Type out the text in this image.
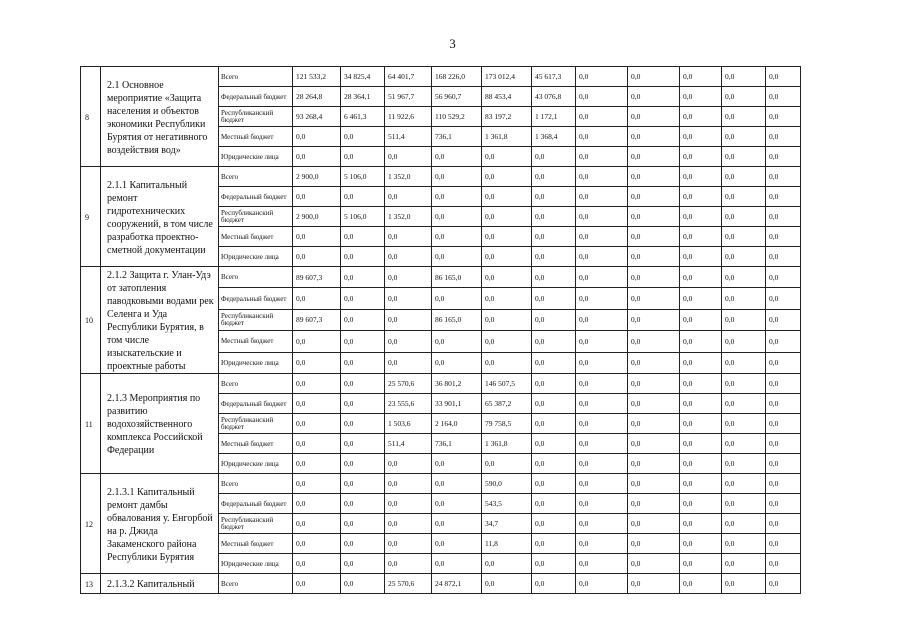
3
8	2.1 Основное мероприятие «Защита населения и объектов экономики Республики Бурятия от негативного воздействия вод»	Всего	121 533,2	34 825,4	64 401,7	168 226,0	173 012,4	45 617,3	0,0	0,0	0,0	0,0	0,0
		Федеральный бюджет	28 264,8	28 364,1	51 967,7	56 960,7	88 453,4	43 076,8	0,0	0,0	0,0	0,0	0,0
		Республиканский бюджет	93 268,4	6 461,3	11 922,6	110 529,2	83 197,2	1 172,1	0,0	0,0	0,0	0,0	0,0
		Местный бюджет	0,0	0,0	511,4	736,1	1 361,8	1 368,4	0,0	0,0	0,0	0,0	0,0
		Юридические лица	0,0	0,0	0,0	0,0	0,0	0,0	0,0	0,0	0,0	0,0	0,0
9	2.1.1 Капитальный ремонт гидротехнических сооружений, в том числе разработка проектно-сметной документации	Всего	2 900,0	5 106,0	1 352,0	0,0	0,0	0,0	0,0	0,0	0,0	0,0	0,0
		Федеральный бюджет	0,0	0,0	0,0	0,0	0,0	0,0	0,0	0,0	0,0	0,0	0,0
		Республиканский бюджет	2 900,0	5 106,0	1 352,0	0,0	0,0	0,0	0,0	0,0	0,0	0,0	0,0
		Местный бюджет	0,0	0,0	0,0	0,0	0,0	0,0	0,0	0,0	0,0	0,0	0,0
		Юридические лица	0,0	0,0	0,0	0,0	0,0	0,0	0,0	0,0	0,0	0,0	0,0
10	2.1.2 Защита г. Улан-Удэ от затопления паводковыми водами рек Селенга и Уда Республики Бурятия, в том числе изыскательские и проектные работы	Всего	89 607,3	0,0	0,0	86 165,0	0,0	0,0	0,0	0,0	0,0	0,0	0,0
		Федеральный бюджет	0,0	0,0	0,0	0,0	0,0	0,0	0,0	0,0	0,0	0,0	0,0
		Республиканский бюджет	89 607,3	0,0	0,0	86 165,0	0,0	0,0	0,0	0,0	0,0	0,0	0,0
		Местный бюджет	0,0	0,0	0,0	0,0	0,0	0,0	0,0	0,0	0,0	0,0	0,0
		Юридические лица	0,0	0,0	0,0	0,0	0,0	0,0	0,0	0,0	0,0	0,0	0,0
11	2.1.3 Мероприятия по развитию водохозяйственного комплекса Российской Федерации	Всего	0,0	0,0	25 570,6	36 801,2	146 507,5	0,0	0,0	0,0	0,0	0,0	0,0
		Федеральный бюджет	0,0	0,0	23 555,6	33 901,1	65 387,2	0,0	0,0	0,0	0,0	0,0	0,0
		Республиканский бюджет	0,0	0,0	1 503,6	2 164,0	79 758,5	0,0	0,0	0,0	0,0	0,0	0,0
		Местный бюджет	0,0	0,0	511,4	736,1	1 361,8	0,0	0,0	0,0	0,0	0,0	0,0
		Юридические лица	0,0	0,0	0,0	0,0	0,0	0,0	0,0	0,0	0,0	0,0	0,0
12	2.1.3.1 Капитальный ремонт дамбы обвалования у. Енгорбой на р. Джида Закаменского района Республики Бурятия	Всего	0,0	0,0	0,0	0,0	590,0	0,0	0,0	0,0	0,0	0,0	0,0
		Федеральный бюджет	0,0	0,0	0,0	0,0	543,5	0,0	0,0	0,0	0,0	0,0	0,0
		Республиканский бюджет	0,0	0,0	0,0	0,0	34,7	0,0	0,0	0,0	0,0	0,0	0,0
		Местный бюджет	0,0	0,0	0,0	0,0	11,8	0,0	0,0	0,0	0,0	0,0	0,0
		Юридические лица	0,0	0,0	0,0	0,0	0,0	0,0	0,0	0,0	0,0	0,0	0,0
13	2.1.3.2 Капитальный	Всего	0,0	0,0	25 570,6	24 872,1	0,0	0,0	0,0	0,0	0,0	0,0	0,0
